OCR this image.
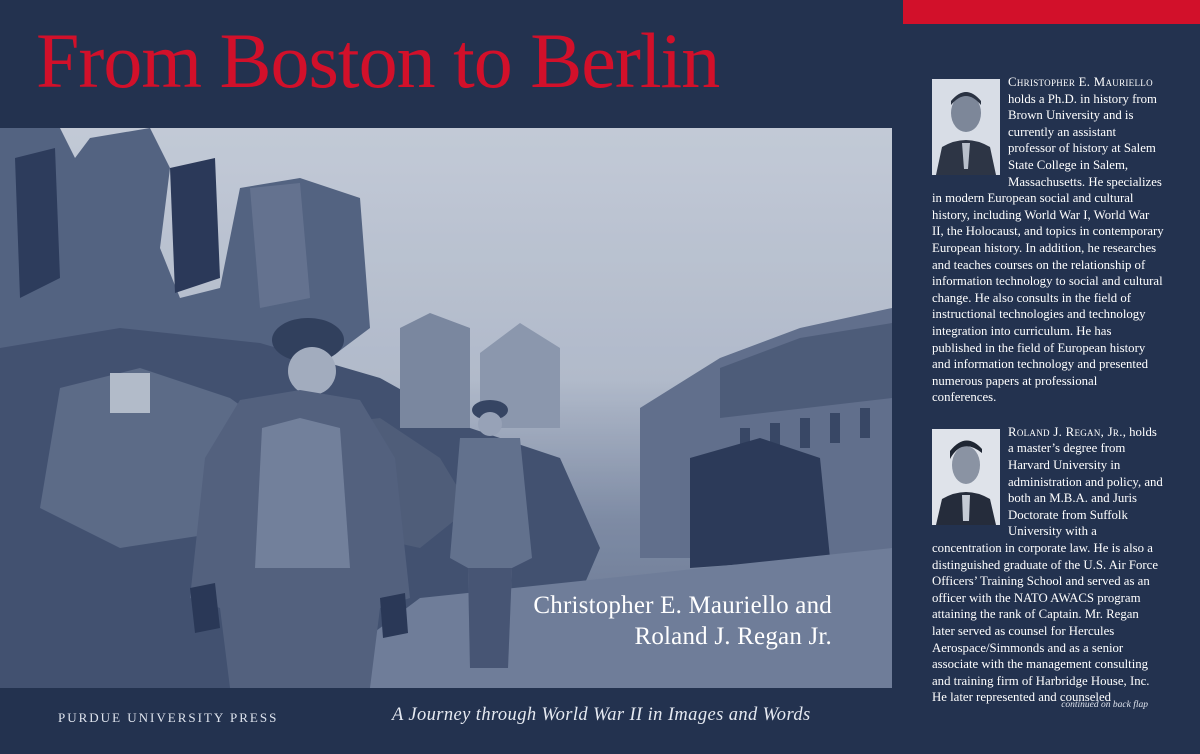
From Boston to Berlin
Christopher E. Mauriello and
Roland J. Regan Jr.
PURDUE UNIVERSITY PRESS	A Journey through World War II in Images and Words

Christopher E. Mauriello
holds a Ph.D. in history from Brown University and is currently an assistant professor of history at Salem State College in Salem, Massachusetts. He specializes in modern European social and cultural history, including World War I, World War II, the Holocaust, and topics in contemporary European history. In addition, he researches and teaches courses on the relationship of information technology to social and cultural change. He also consults in the field of instructional technologies and technology integration into curriculum. He has published in the field of European history and information technology and presented numerous papers at professional conferences.

Roland J. Regan, Jr.
, holds a master’s degree from Harvard University in administration and policy, and both an M.B.A. and Juris Doctorate from Suffolk University with a concentration in corporate law. He is also a distinguished graduate of the U.S. Air Force Officers’ Training School and served as an officer with the NATO AWACS program attaining the rank of Captain. Mr. Regan later served as counsel for Hercules Aerospace/Simmonds and as a senior associate with the management consulting and training firm of Harbridge House, Inc. He later represented and counseled

continued on back flap
